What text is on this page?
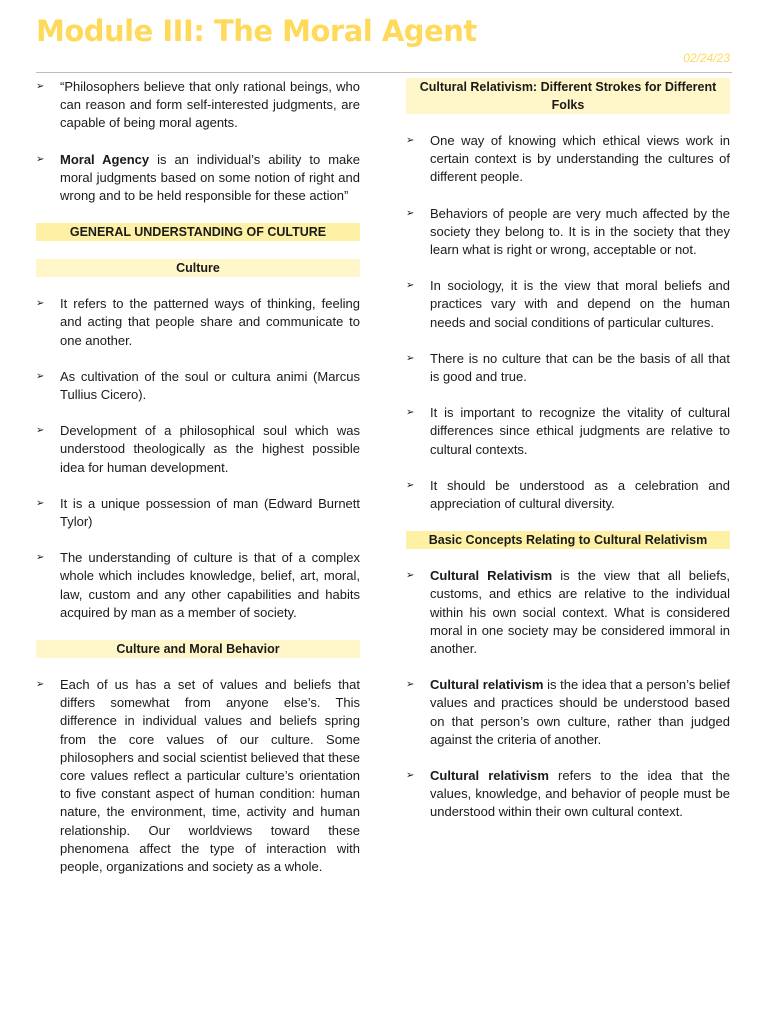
Module III: The Moral Agent
02/24/23
➢ “Philosophers believe that only rational beings, who can reason and form self-interested judgments, are capable of being moral agents.
➢ Moral Agency is an individual’s ability to make moral judgments based on some notion of right and wrong and to be held responsible for these action”
GENERAL UNDERSTANDING OF CULTURE
Culture
➢ It refers to the patterned ways of thinking, feeling and acting that people share and communicate to one another.
➢ As cultivation of the soul or cultura animi (Marcus Tullius Cicero).
➢ Development of a philosophical soul which was understood theologically as the highest possible idea for human development.
➢ It is a unique possession of man (Edward Burnett Tylor)
➢ The understanding of culture is that of a complex whole which includes knowledge, belief, art, moral, law, custom and any other capabilities and habits acquired by man as a member of society.
Culture and Moral Behavior
➢ Each of us has a set of values and beliefs that differs somewhat from anyone else’s. This difference in individual values and beliefs spring from the core values of our culture. Some philosophers and social scientist believed that these core values reflect a particular culture’s orientation to five constant aspect of human condition: human nature, the environment, time, activity and human relationship. Our worldviews toward these phenomena affect the type of interaction with people, organizations and society as a whole.
Cultural Relativism: Different Strokes for Different Folks
➢ One way of knowing which ethical views work in certain context is by understanding the cultures of different people.
➢ Behaviors of people are very much affected by the society they belong to. It is in the society that they learn what is right or wrong, acceptable or not.
➢ In sociology, it is the view that moral beliefs and practices vary with and depend on the human needs and social conditions of particular cultures.
➢ There is no culture that can be the basis of all that is good and true.
➢ It is important to recognize the vitality of cultural differences since ethical judgments are relative to cultural contexts.
➢ It should be understood as a celebration and appreciation of cultural diversity.
Basic Concepts Relating to Cultural Relativism
➢ Cultural Relativism is the view that all beliefs, customs, and ethics are relative to the individual within his own social context. What is considered moral in one society may be considered immoral in another.
➢ Cultural relativism is the idea that a person’s belief values and practices should be understood based on that person’s own culture, rather than judged against the criteria of another.
➢ Cultural relativism refers to the idea that the values, knowledge, and behavior of people must be understood within their own cultural context.
